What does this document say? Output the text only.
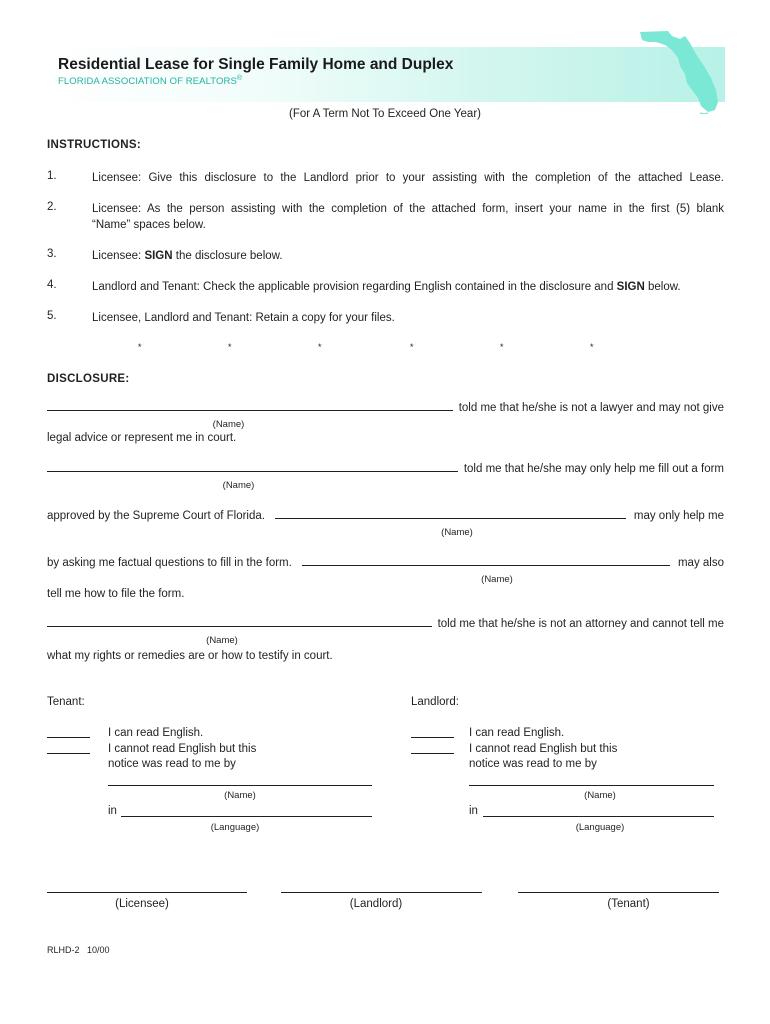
Residential Lease for Single Family Home and Duplex
FLORIDA ASSOCIATION OF REALTORS®
(For A Term Not To Exceed One Year)
INSTRUCTIONS:
1.	Licensee: Give this disclosure to the Landlord prior to your assisting with the completion of the attached Lease.
2.	Licensee: As the person assisting with the completion of the attached form, insert your name in the first (5) blank
“Name” spaces below.
3.	Licensee: SIGN the disclosure below.
4.	Landlord and Tenant: Check the applicable provision regarding English contained in the disclosure and SIGN below.
5.	Licensee, Landlord and Tenant: Retain a copy for your files.
*	*	*	*	*	*
DISCLOSURE:
told me that he/she is not a lawyer and may not give
(Name)
legal advice or represent me in court.
told me that he/she may only help me fill out a form
(Name)
approved by the Supreme Court of Florida.	may only help me
(Name)
by asking me factual questions to fill in the form.	may also
(Name)
tell me how to file the form.
told me that he/she is not an attorney and cannot tell me
(Name)
what my rights or remedies are or how to testify in court.
Tenant:
I can read English.
I cannot read English but this
notice was read to me by
(Name)
in
(Language)
Landlord:
I can read English.
I cannot read English but this
notice was read to me by
(Name)
in
(Language)
(Licensee)	(Landlord)	(Tenant)
RLHD-2 10/00
